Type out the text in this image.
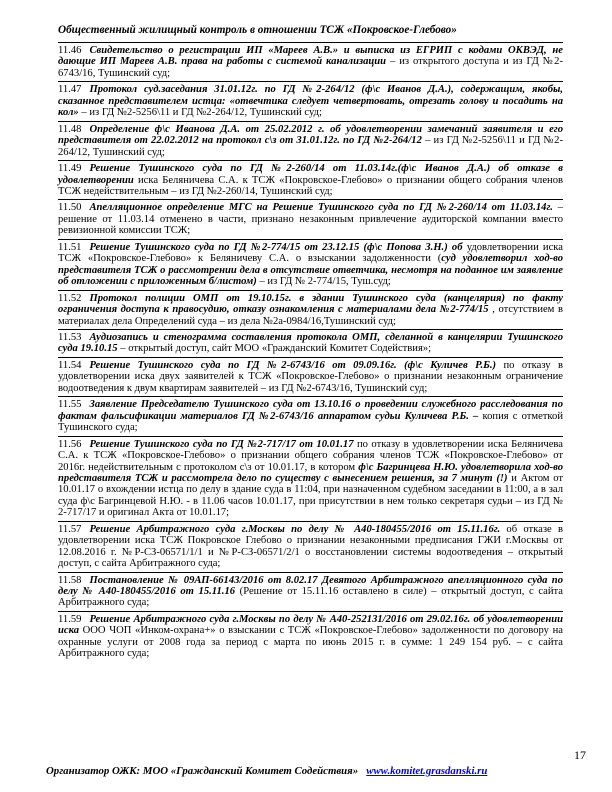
Общественный жилищный контроль в отношении ТСЖ «Покровское-Глебово»
11.46 Свидетельство о регистрации ИП «Марeев А.В.» и выписка из ЕГРИП с кодами ОКВЭД, не дающие ИП Мареев А.В. права на работы с системой канализации – из открытого доступа и из ГД №2-6743/16, Тушинский суд;
11.47 Протокол суд.заседания 31.01.12г. по ГД №2-264/12 (ф\с Иванов Д.А.), содержащим, якобы, сказанное представителем истца: «отвечтика следует четвертовать, отрезать голову и посадить на кол» – из ГД №2-5256\11 и ГД №2-264/12, Тушинский суд;
11.48 Определение ф\с Иванова Д.А. от 25.02.2012 г. об удовлетворении замечаний заявителя и его представителя от 22.02.2012 на протокол с\з от 31.01.12г. по ГД №2-264/12 – из ГД №2-5256\11 и ГД №2-264/12, Тушинский суд;
11.49 Решение Тушинского суда по ГД №2-260/14 от 11.03.14г.(ф\с Иванов Д.А.) об отказе в удовлетворении иска Беляничева С.А. к ТСЖ «Покровское-Глебово» о признании общего собрания членов ТСЖ недействительным – из ГД №2-260/14, Тушинский суд;
11.50 Апелляционное определение МГС на Решение Тушинского суда по ГД №2-260/14 от 11.03.14г. – решение от 11.03.14 отменено в части, признано незаконным привлечение аудиторской компании вместо ревизионной комиссии ТСЖ;
11.51 Решение Тушинского суда по ГД №2-774/15 от 23.12.15 (ф\с Попова З.Н.) об удовлетворении иска ТСЖ «Покровское-Глебово» к Беляничеву С.А. о взыскании задолженности (суд удовлетворил ход-во представителя ТСЖ о рассмотрении дела в отсутствие ответчика, несмотря на поданное им заявление об отложении с приложенным б/листом) – из ГД № 2-774/15, Туш.суд;
11.52 Протокол полиции ОМП от 19.10.15г. в здании Тушинского суда (канцелярия) по факту ограничения доступа к правосудию, отказу ознакомления с материалами дела №2-774/15 , отсутствием в материалах дела Определений суда – из дела №2а-0984/16,Тушинский суд;
11.53 Аудиозапись и стенограмма составления протокола ОМП, сделанной в канцелярии Тушинского суда 19.10.15 – открытый доступ, сайт МОО «Гражданский Комитет Содействия»;
11.54 Решение Тушинского суда по ГД №2-6743/16 от 09.09.16г. (ф\с Куличев Р.Б.) по отказу в удовлетворении иска двух заявителей к ТСЖ «Покровское-Глебово» о признании незаконным ограничение водоотведения к двум квартирам заявителей – из ГД №2-6743/16, Тушинский суд;
11.55 Заявление Председателю Тушинского суда от 13.10.16 о проведении служебного расследования по фактам фальсификации материалов ГД №2-6743/16 аппаратом судьи Куличева Р.Б. – копия с отметкой Тушинского суда;
11.56 Решение Тушинского суда по ГД №2-717/17 от 10.01.17 по отказу в удовлетворении иска Беляничева С.А. к ТСЖ «Покровское-Глебово» о признании общего собрания членов ТСЖ «Покровское-Глебово» от 2016г. недействительным с протоколом с\з от 10.01.17, в котором ф\с Багринцева Н.Ю. удовлетворила ход-во представителя ТСЖ и рассмотрела дело по существу с вынесением решения, за 7 минут (!) и Актом от 10.01.17 о вхождении истца по делу в здание суда в 11:04, при назначенном судебном заседании в 11:00, а в зал суда ф\с Багринцевой Н.Ю. - в 11.06 часов 10.01.17, при присутствии в нем только секретаря судьи – из ГД № 2-717/17 и оригинал Акта от 10.01.17;
11.57 Решение Арбитражного суда г.Москвы по делу № А40-180455/2016 от 15.11.16г. об отказе в удовлетворении иска ТСЖ Покровское Глебово о признании незаконными предписания ГЖИ г.Москвы от 12.08.2016 г. №Р-СЗ-06571/1/1 и №Р-СЗ-06571/2/1 о восстановлении системы водоотведения – открытый доступ, с сайта Арбитражного суда;
11.58 Постановление № 09АП-66143/2016 от 8.02.17 Девятого Арбитражного апелляционного суда по делу № А40-180455/2016 от 15.11.16 (Решение от 15.11.16 оставлено в силе) – открытый доступ, с сайта Арбитражного суда;
11.59 Решение Арбитражного суда г.Москвы по делу № А40-252131/2016 от 29.02.16г. об удовлетворении иска ООО ЧОП «Инком-охрана+» о взыскании с ТСЖ «Покровское-Глебово» задолженности по договору на охранные услуги от 2008 года за период с марта по июнь 2015 г. в сумме: 1 249 154 руб. – с сайта Арбитражного суда;
17
Организатор ОЖК: МОО «Гражданский Комитет Содействия» www.komitet.grasdanski.ru
